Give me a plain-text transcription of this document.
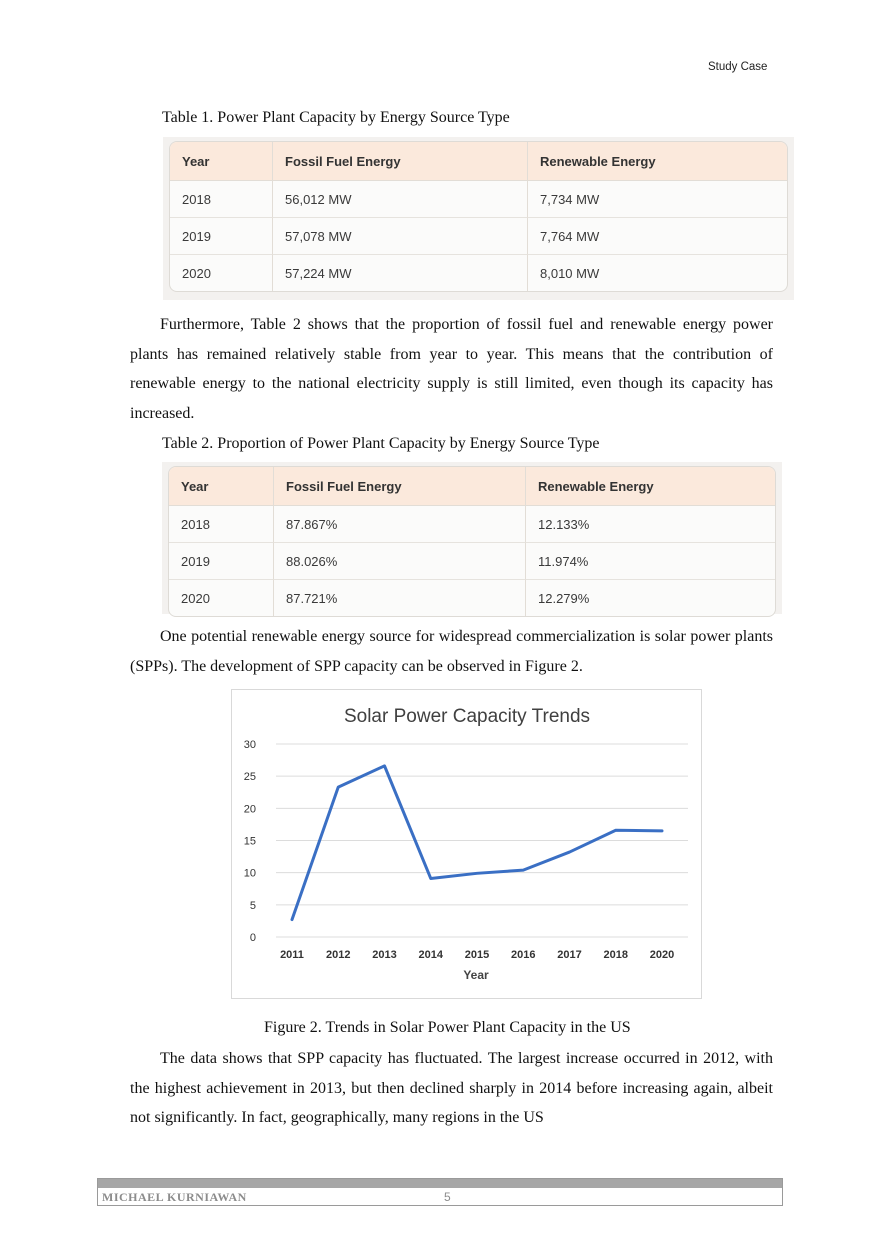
Study Case
Table 1. Power Plant Capacity by Energy Source Type
Year	Fossil Fuel Energy	Renewable Energy
2018	56,012 MW	7,734 MW
2019	57,078 MW	7,764 MW
2020	57,224 MW	8,010 MW

Furthermore, Table 2 shows that the proportion of fossil fuel and renewable energy power plants has remained relatively stable from year to year. This means that the contribution of renewable energy to the national electricity supply is still limited, even though its capacity has increased.

Table 2. Proportion of Power Plant Capacity by Energy Source Type
Year	Fossil Fuel Energy	Renewable Energy
2018	87.867%	12.133%
2019	88.026%	11.974%
2020	87.721%	12.279%

One potential renewable energy source for widespread commercialization is solar power plants (SPPs). The development of SPP capacity can be observed in Figure 2.

Solar Power Capacity Trends
0
5
10
15
20
25
30
2011 2012 2013 2014 2015 2016 2017 2018 2020
Year
Figure 2. Trends in Solar Power Plant Capacity in the US

The data shows that SPP capacity has fluctuated. The largest increase occurred in 2012, with the highest achievement in 2013, but then declined sharply in 2014 before increasing again, albeit not significantly. In fact, geographically, many regions in the US

MICHAEL KURNIAWAN	5
